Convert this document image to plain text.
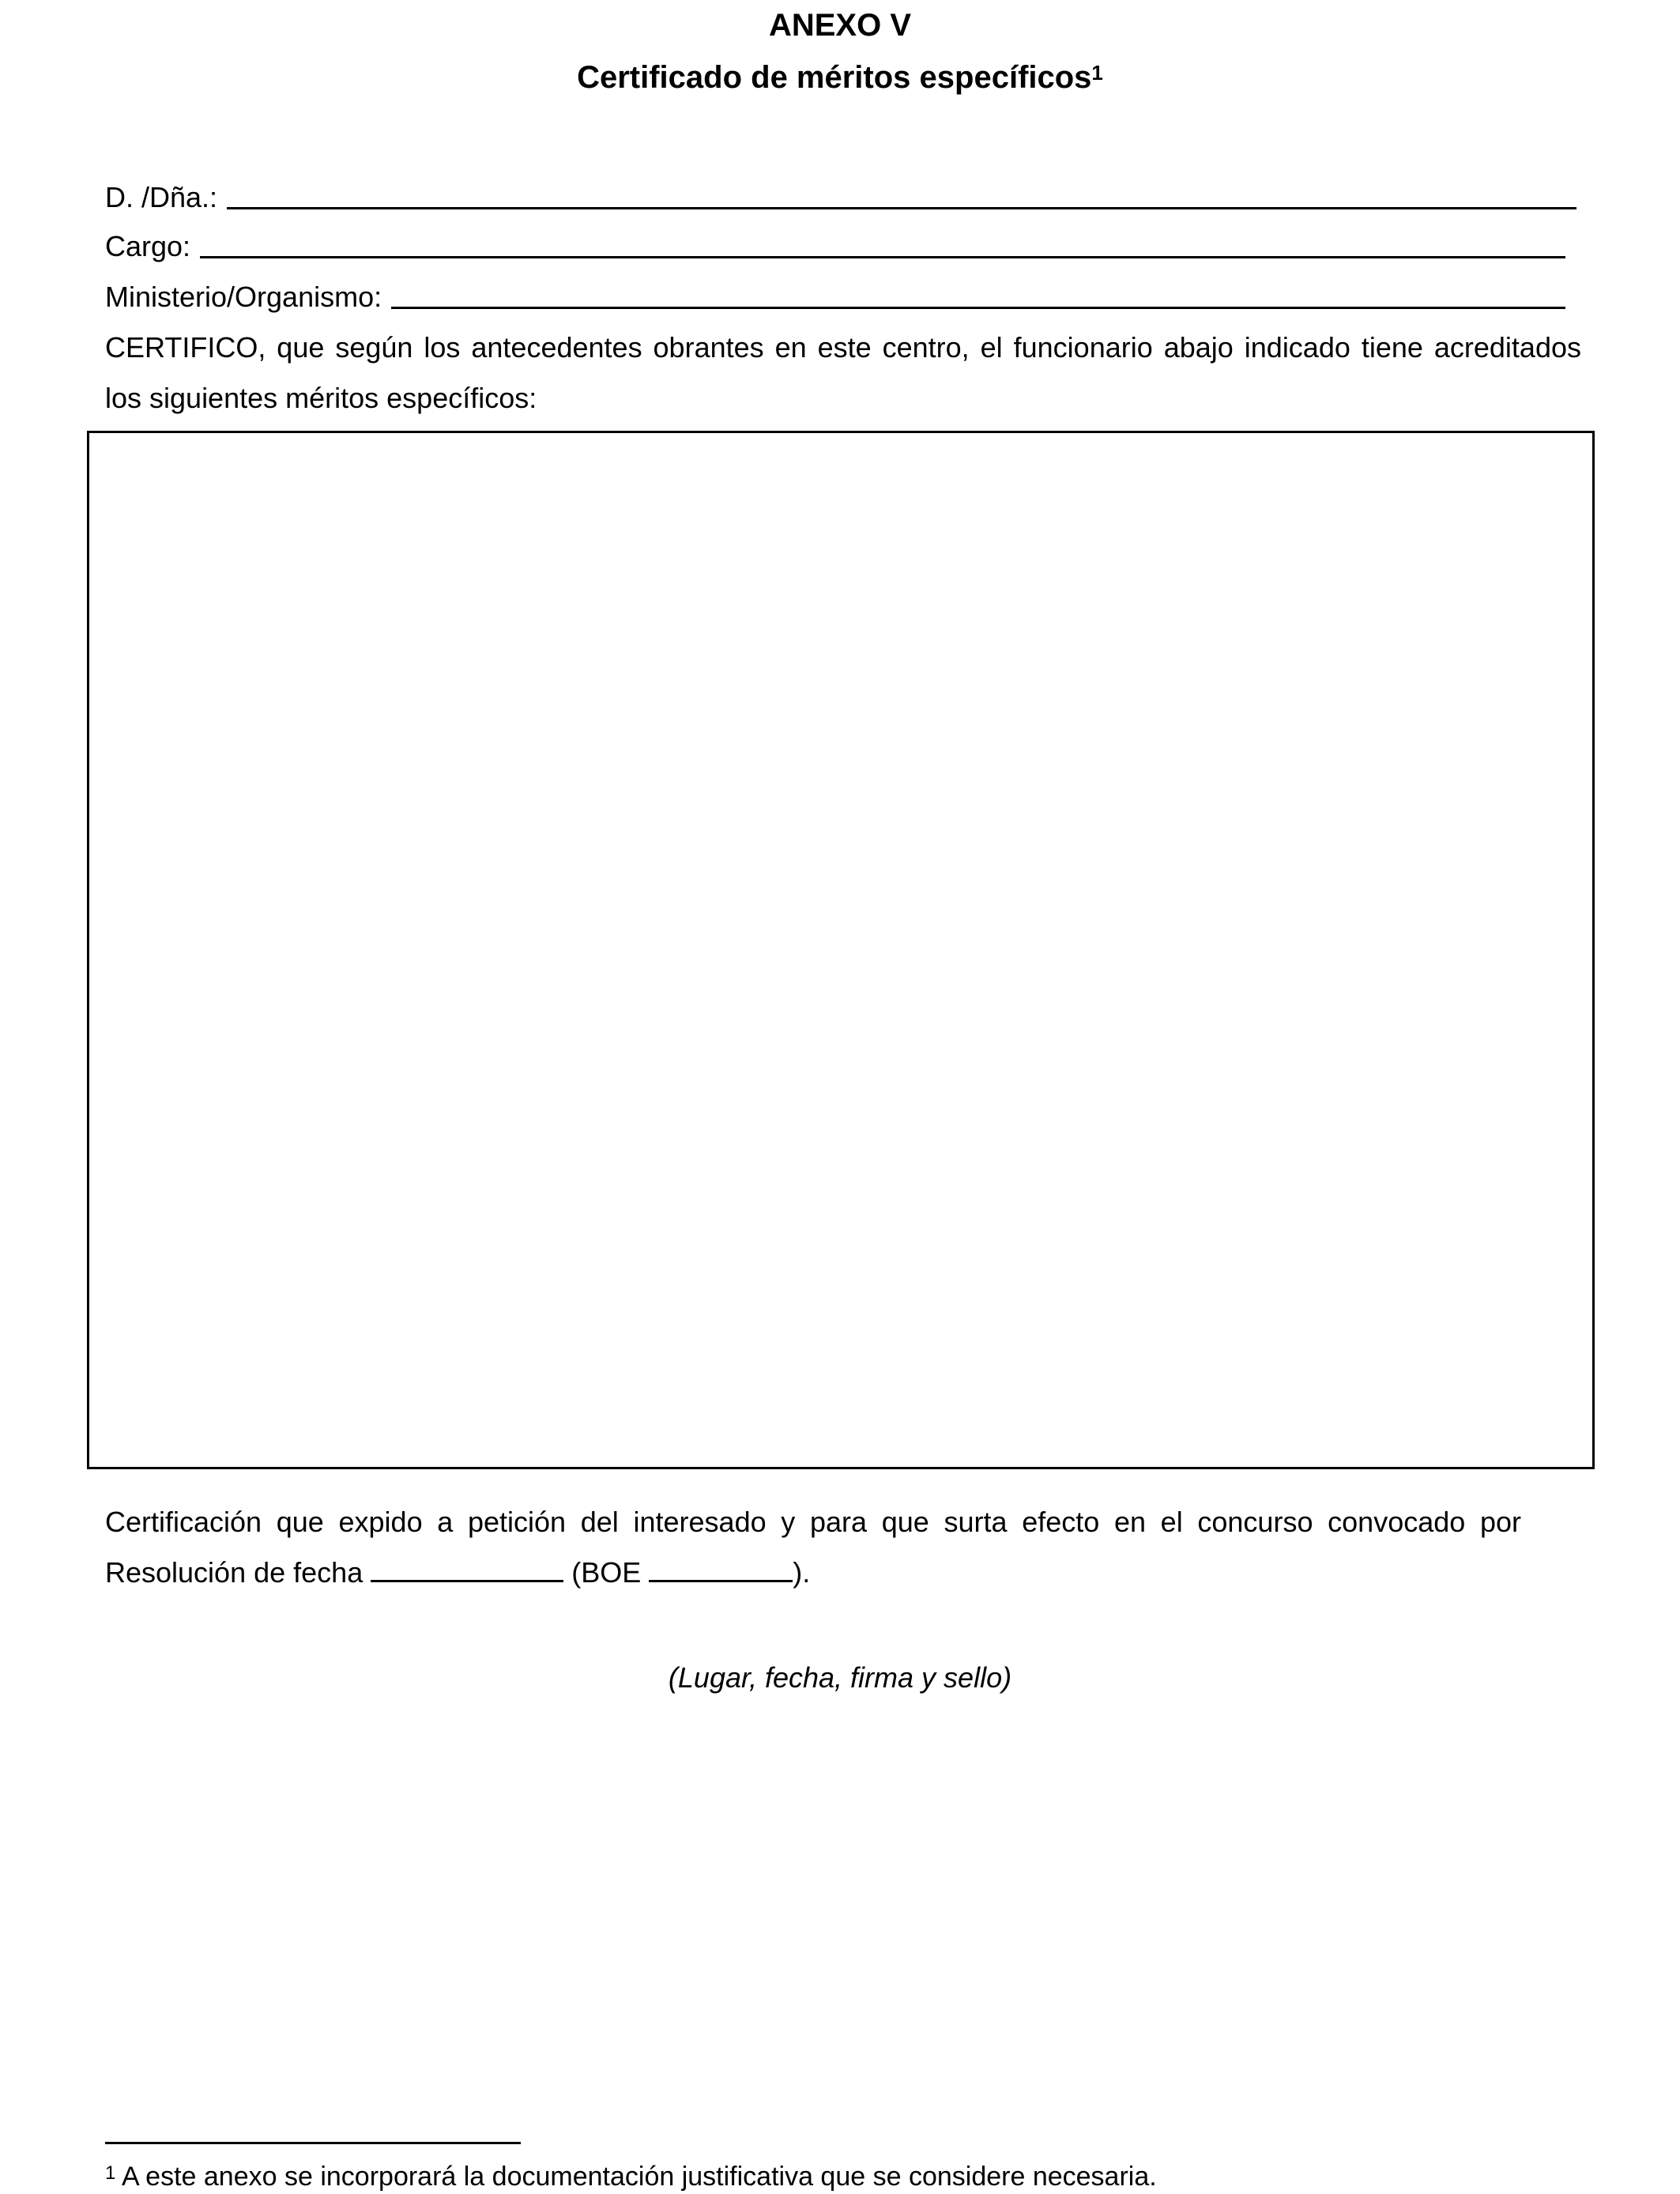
ANEXO V
Certificado de méritos específicos$^1$
D. /Dña.:
Cargo:
Ministerio/Organismo:
CERTIFICO, que según los antecedentes obrantes en este centro, el funcionario abajo indicado tiene acreditados los siguientes méritos específicos:
Certificación que expido a petición del interesado y para que surta efecto en el concurso convocado por Resolución de fecha	(BOE	).
(Lugar, fecha, firma y sello)
$^1$ A este anexo se incorporará la documentación justificativa que se considere necesaria.
